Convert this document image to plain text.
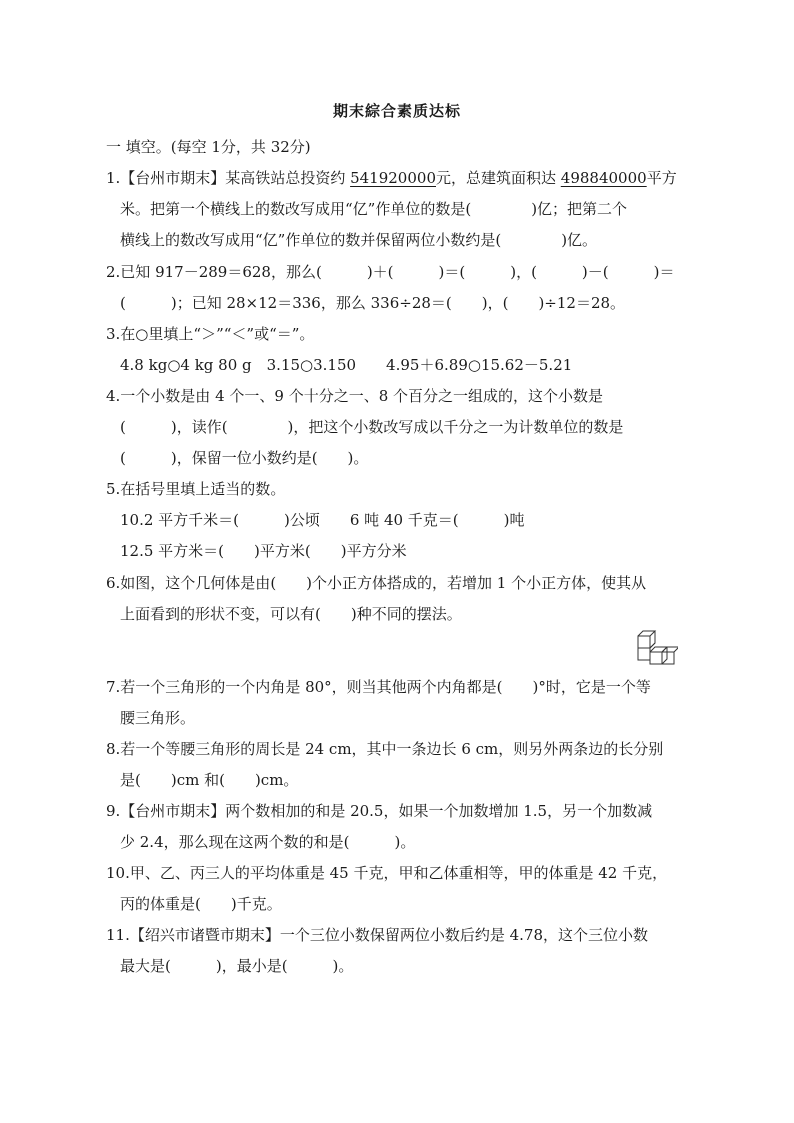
期末綜合素质达标
一 填空。(每空 1分，共 32分)
1.【台州市期末】某高铁站总投资约 541920000元，总建筑面积达 498840000平方
米。把第一个横线上的数改写成用“亿”作单位的数是(　　　　)亿；把第二个
横线上的数改写成用“亿”作单位的数并保留两位小数约是(　　　　)亿。
2.已知 917－289＝628，那么(　　　)＋(　　　)＝(　　　)，(　　　)－(　　　)＝
(　　　)；已知 28×12＝336，那么 336÷28＝(　　)，(　　)÷12＝28。
3.在○里填上“＞”“＜”或“＝”。
4.8 kg○4 kg 80 g　3.15○3.150　　4.95＋6.89○15.62－5.21
4.一个小数是由 4 个一、9 个十分之一、8 个百分之一组成的，这个小数是
(　　　)，读作(　　　　)，把这个小数改写成以千分之一为计数单位的数是
(　　　)，保留一位小数约是(　　)。
5.在括号里填上适当的数。
10.2 平方千米＝(　　　)公顷　　6 吨 40 千克＝(　　　)吨
12.5 平方米＝(　　)平方米(　　)平方分米
6.如图，这个几何体是由(　　)个小正方体搭成的，若增加 1 个小正方体，使其从
上面看到的形状不变，可以有(　　)种不同的摆法。
7.若一个三角形的一个内角是 80°，则当其他两个内角都是(　　)°时，它是一个等
腰三角形。
8.若一个等腰三角形的周长是 24 cm，其中一条边长 6 cm，则另外两条边的长分别
是(　　)cm 和(　　)cm。
9.【台州市期末】两个数相加的和是 20.5，如果一个加数增加 1.5，另一个加数减
少 2.4，那么现在这两个数的和是(　　　)。
10.甲、乙、丙三人的平均体重是 45 千克，甲和乙体重相等，甲的体重是 42 千克，
丙的体重是(　　)千克。
11.【绍兴市诸暨市期末】一个三位小数保留两位小数后约是 4.78，这个三位小数
最大是(　　　)，最小是(　　　)。
